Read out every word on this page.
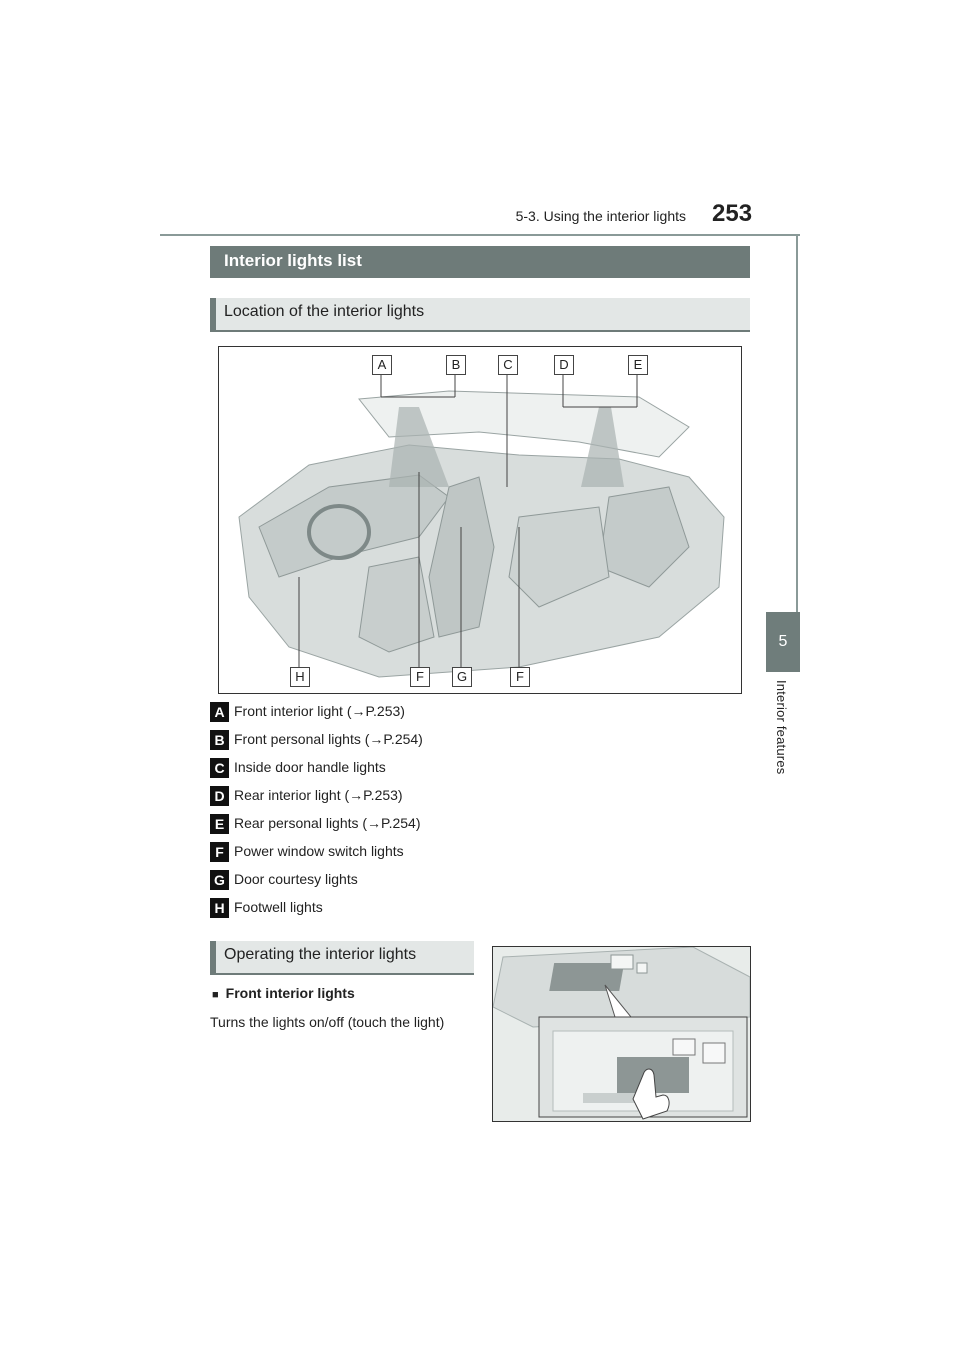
5-3. Using the interior lights 253
5
Interior features
Interior lights list
Location of the interior lights
A	B	C	D	E
H	F	G	F
A Front interior light (→P.253)
B Front personal lights (→P.254)
C Inside door handle lights
D Rear interior light (→P.253)
E Rear personal lights (→P.254)
F Power window switch lights
G Door courtesy lights
H Footwell lights
Operating the interior lights
■ Front interior lights
Turns the lights on/off (touch the light)
